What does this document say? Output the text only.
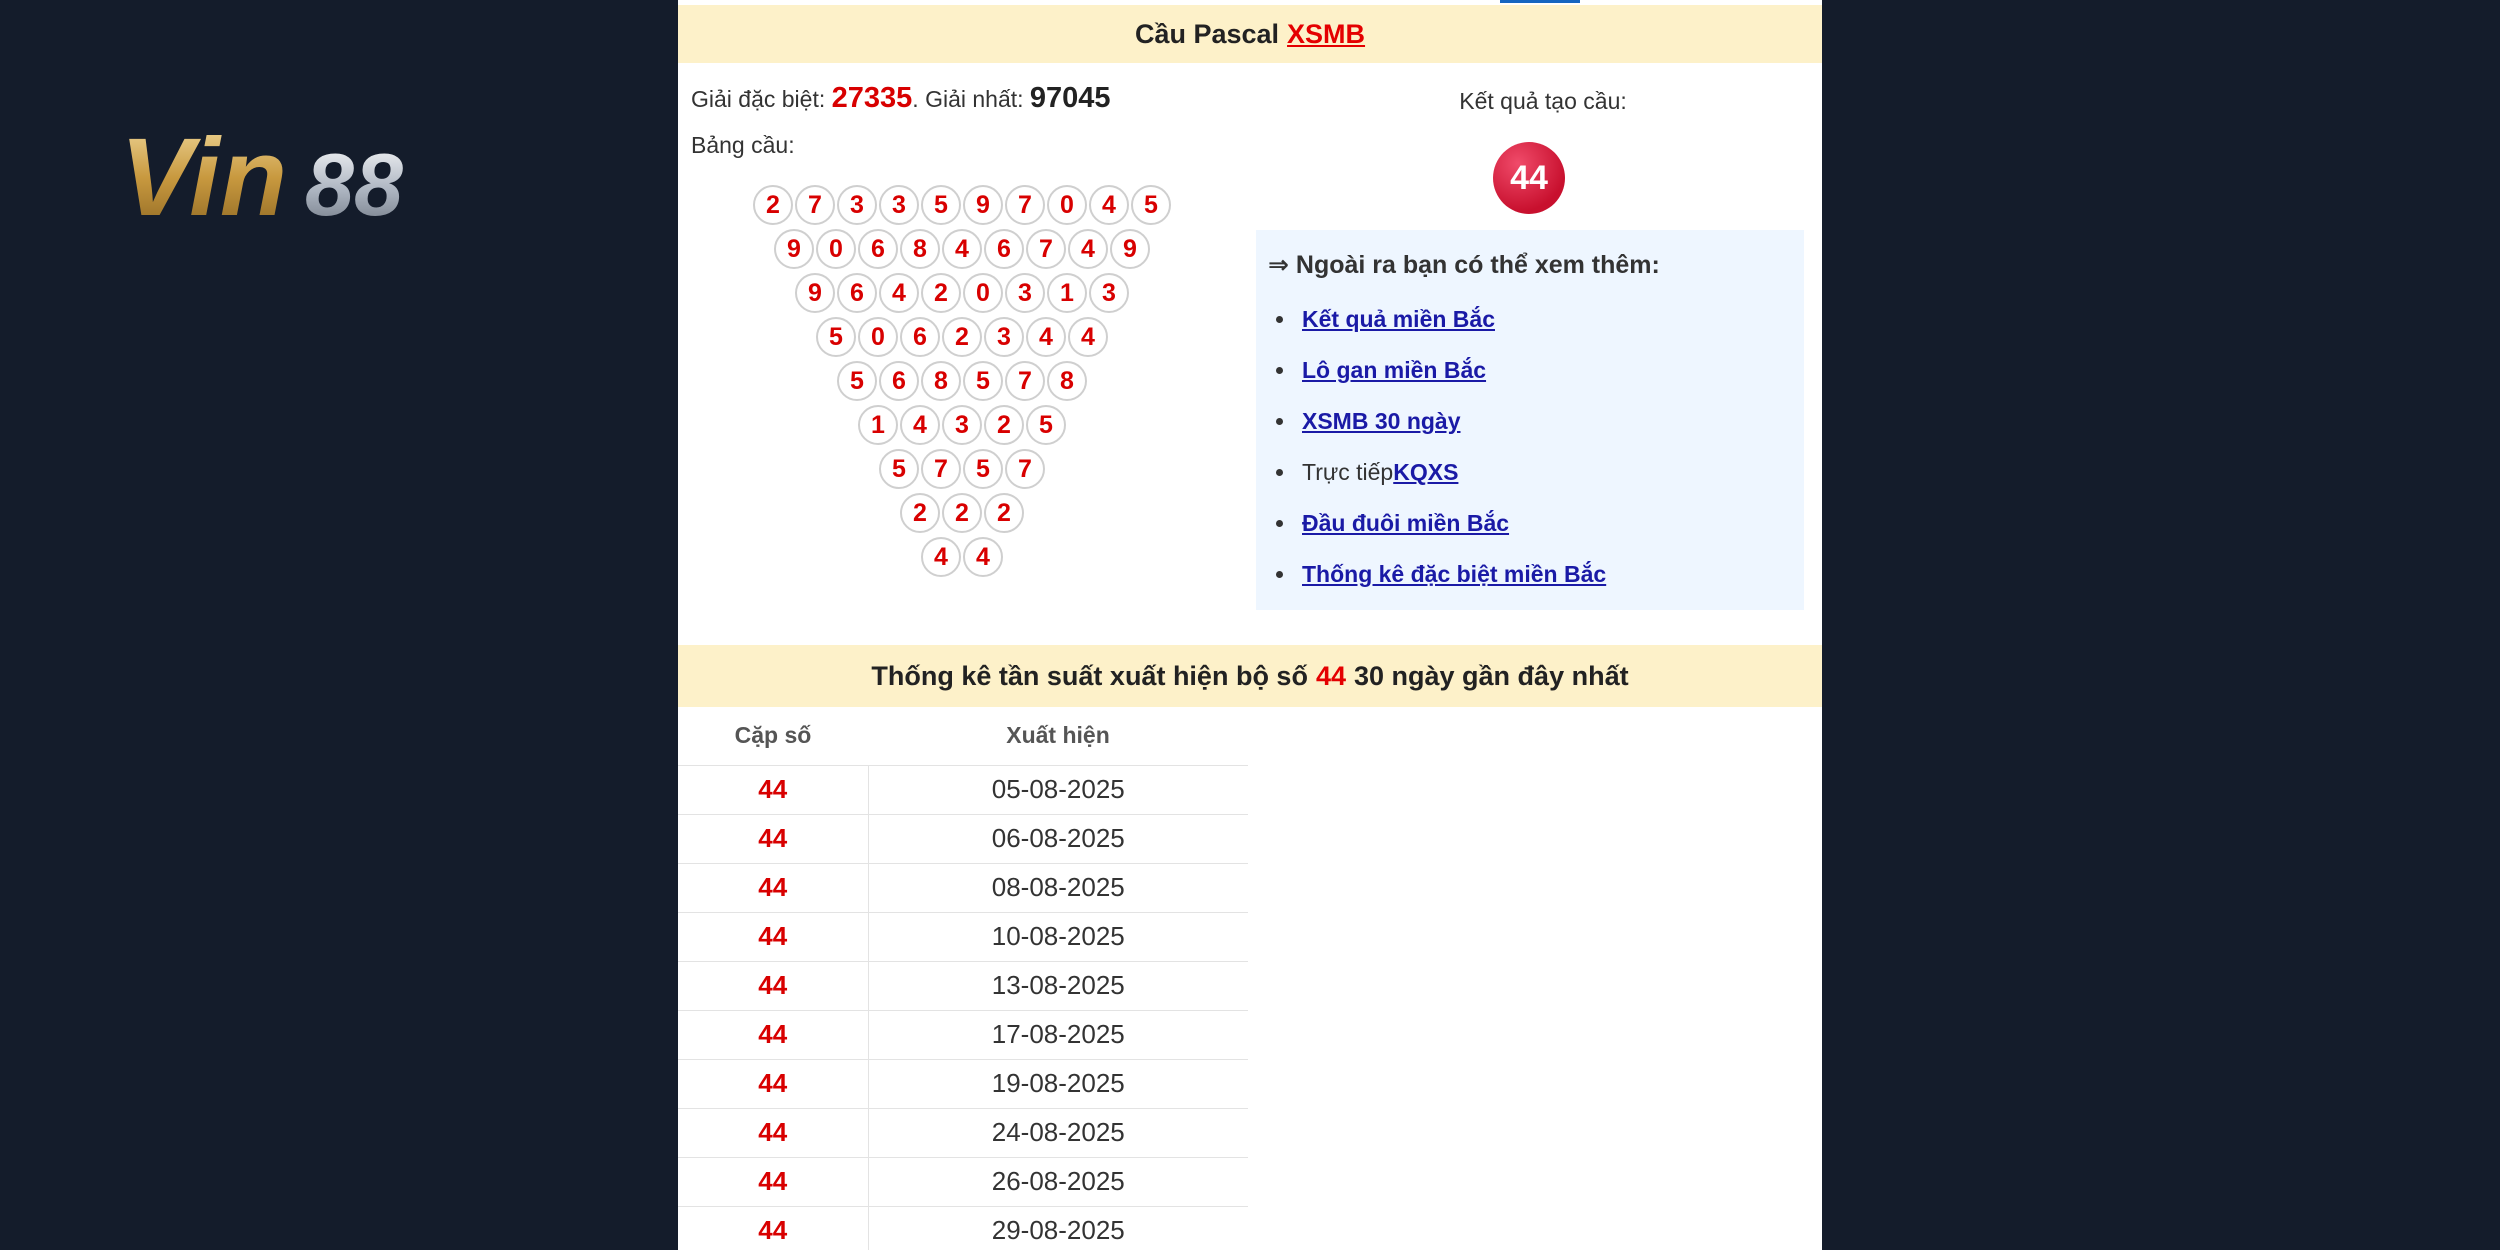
Vin 88
Cầu Pascal XSMB
Giải đặc biệt: 27335. Giải nhất: 97045
Bảng cầu:
2	7	3	3	5	9	7	0	4	5
9	0	6	8	4	6	7	4	9
9	6	4	2	0	3	1	3
5	0	6	2	3	4	4
5	6	8	5	7	8
1	4	3	2	5
5	7	5	7
2	2	2
4	4
Kết quả tạo cầu:
44
⇒ Ngoài ra bạn có thể xem thêm:
Kết quả miền Bắc
Lô gan miền Bắc
XSMB 30 ngày
Trực tiếp KQXS
Đầu đuôi miền Bắc
Thống kê đặc biệt miền Bắc
Thống kê tần suất xuất hiện bộ số 44 30 ngày gần đây nhất
Cặp số	Xuất hiện
44	05-08-2025
44	06-08-2025
44	08-08-2025
44	10-08-2025
44	13-08-2025
44	17-08-2025
44	19-08-2025
44	24-08-2025
44	26-08-2025
44	29-08-2025
